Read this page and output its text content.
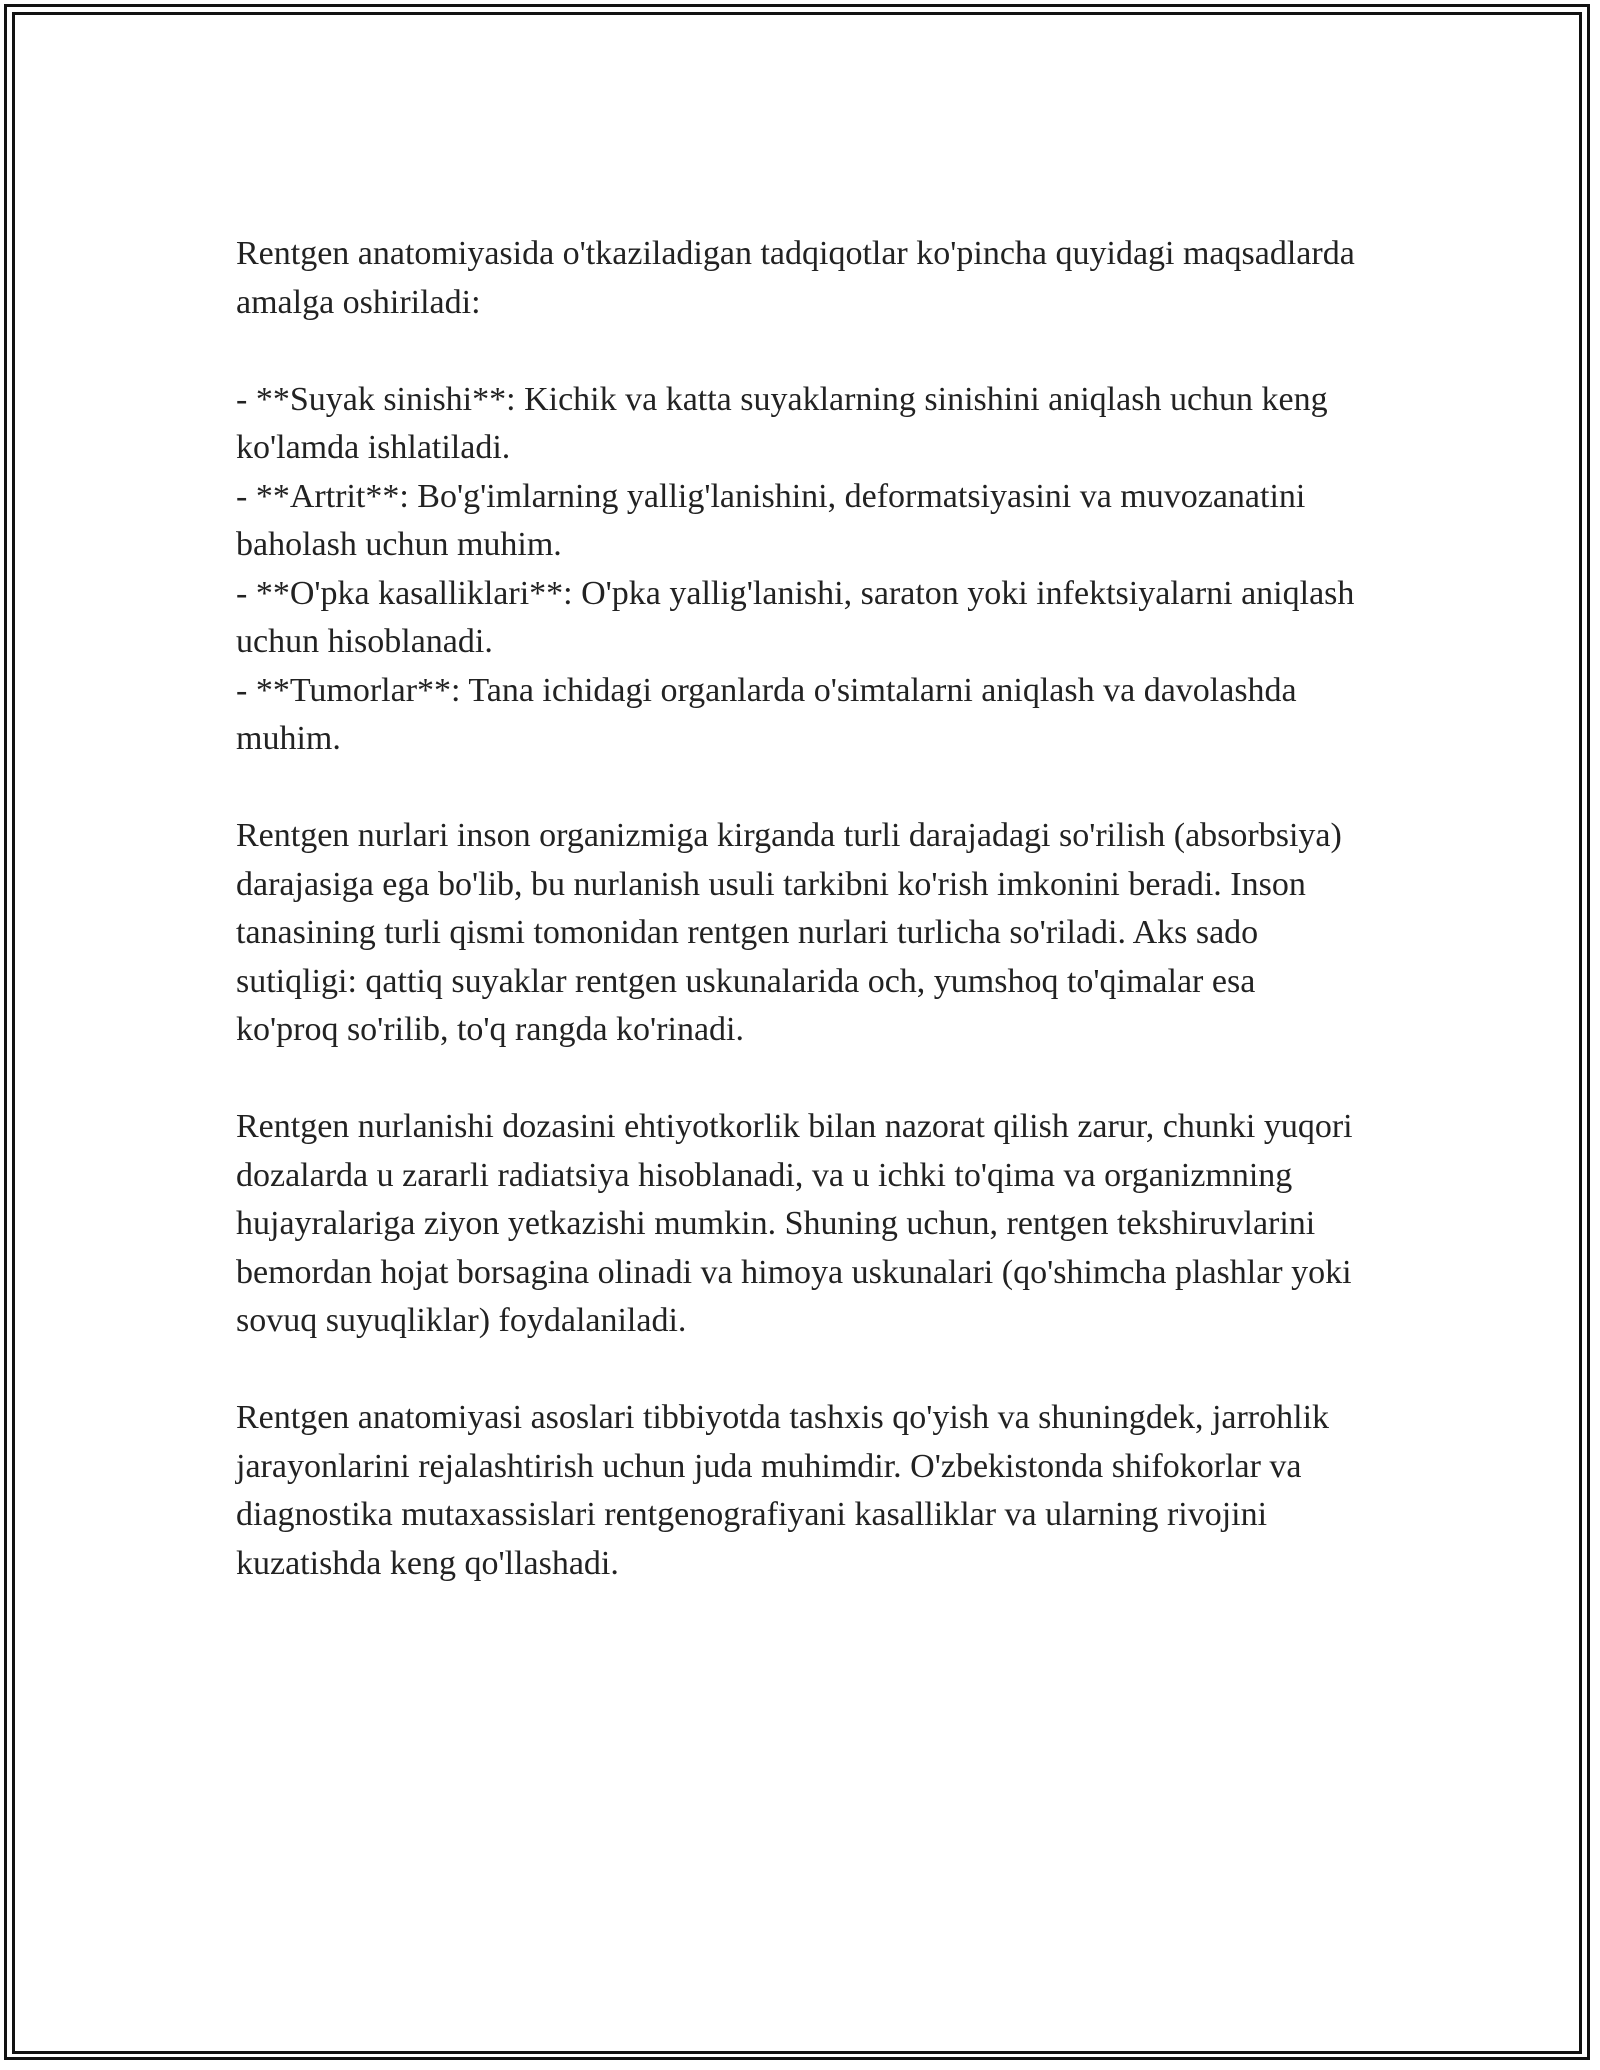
Rentgen anatomiyasida o'tkaziladigan tadqiqotlar ko'pincha quyidagi maqsadlarda amalga oshiriladi:

- **Suyak sinishi**: Kichik va katta suyaklarning sinishini aniqlash uchun keng ko'lamda ishlatiladi.

- **Artrit**: Bo'g'imlarning yallig'lanishini, deformatsiyasini va muvozanatini baholash uchun muhim.

- **O'pka kasalliklari**: O'pka yallig'lanishi, saraton yoki infektsiyalarni aniqlash uchun hisoblanadi.

- **Tumorlar**: Tana ichidagi organlarda o'simtalarni aniqlash va davolashda muhim.

Rentgen nurlari inson organizmiga kirganda turli darajadagi so'rilish (absorbsiya) darajasiga ega bo'lib, bu nurlanish usuli tarkibni ko'rish imkonini beradi. Inson tanasining turli qismi tomonidan rentgen nurlari turlicha so'riladi. Aks sado sutiqligi: qattiq suyaklar rentgen uskunalarida och, yumshoq to'qimalar esa ko'proq so'rilib, to'q rangda ko'rinadi.

Rentgen nurlanishi dozasini ehtiyotkorlik bilan nazorat qilish zarur, chunki yuqori dozalarda u zararli radiatsiya hisoblanadi, va u ichki to'qima va organizmning hujayralariga ziyon yetkazishi mumkin. Shuning uchun, rentgen tekshiruvlarini bemordan hojat borsagina olinadi va himoya uskunalari (qo'shimcha plashlar yoki sovuq suyuqliklar) foydalaniladi.

Rentgen anatomiyasi asoslari tibbiyotda tashxis qo'yish va shuningdek, jarrohlik jarayonlarini rejalashtirish uchun juda muhimdir. O'zbekistonda shifokorlar va diagnostika mutaxassislari rentgenografiyani kasalliklar va ularning rivojini kuzatishda keng qo'llashadi.
